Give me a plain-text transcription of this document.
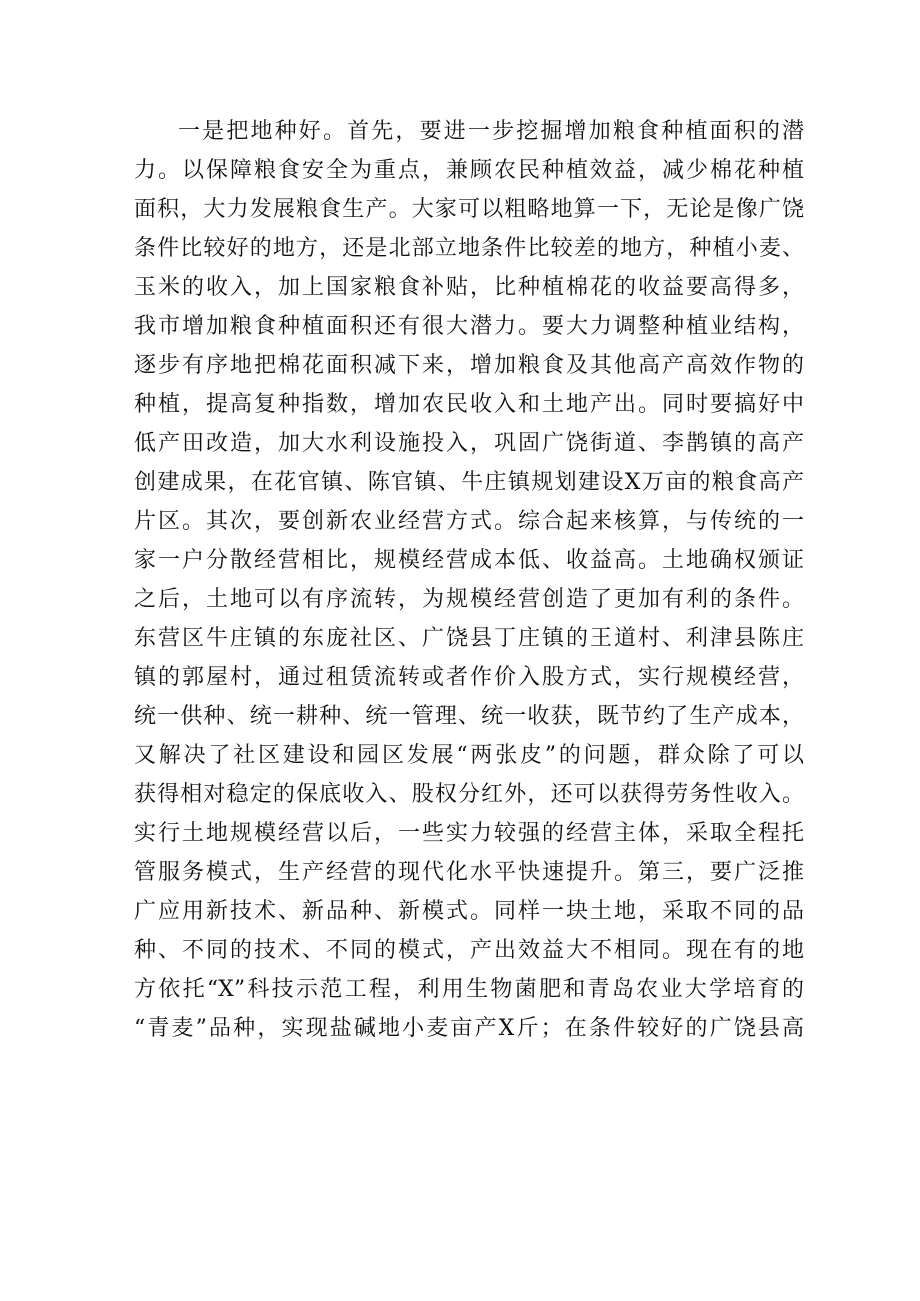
一是把地种好。首先，要进一步挖掘增加粮食种植面积的潜
力。以保障粮食安全为重点，兼顾农民种植效益，减少棉花种植
面积，大力发展粮食生产。大家可以粗略地算一下，无论是像广饶
条件比较好的地方，还是北部立地条件比较差的地方，种植小麦、
玉米的收入，加上国家粮食补贴，比种植棉花的收益要高得多，
我市增加粮食种植面积还有很大潜力。要大力调整种植业结构，
逐步有序地把棉花面积减下来，增加粮食及其他高产高效作物的
种植，提高复种指数，增加农民收入和土地产出。同时要搞好中
低产田改造，加大水利设施投入，巩固广饶街道、李鹊镇的高产
创建成果，在花官镇、陈官镇、牛庄镇规划建设X万亩的粮食高产
片区。其次，要创新农业经营方式。综合起来核算，与传统的一
家一户分散经营相比，规模经营成本低、收益高。土地确权颁证
之后，土地可以有序流转，为规模经营创造了更加有利的条件。
东营区牛庄镇的东庞社区、广饶县丁庄镇的王道村、利津县陈庄
镇的郭屋村，通过租赁流转或者作价入股方式，实行规模经营，
统一供种、统一耕种、统一管理、统一收获，既节约了生产成本，
又解决了社区建设和园区发展“两张皮”的问题，群众除了可以
获得相对稳定的保底收入、股权分红外，还可以获得劳务性收入。
实行土地规模经营以后，一些实力较强的经营主体，采取全程托
管服务模式，生产经营的现代化水平快速提升。第三，要广泛推
广应用新技术、新品种、新模式。同样一块土地，采取不同的品
种、不同的技术、不同的模式，产出效益大不相同。现在有的地
方依托“X”科技示范工程，利用生物菌肥和青岛农业大学培育的
“青麦”品种，实现盐碱地小麦亩产X斤；在条件较好的广饶县高
